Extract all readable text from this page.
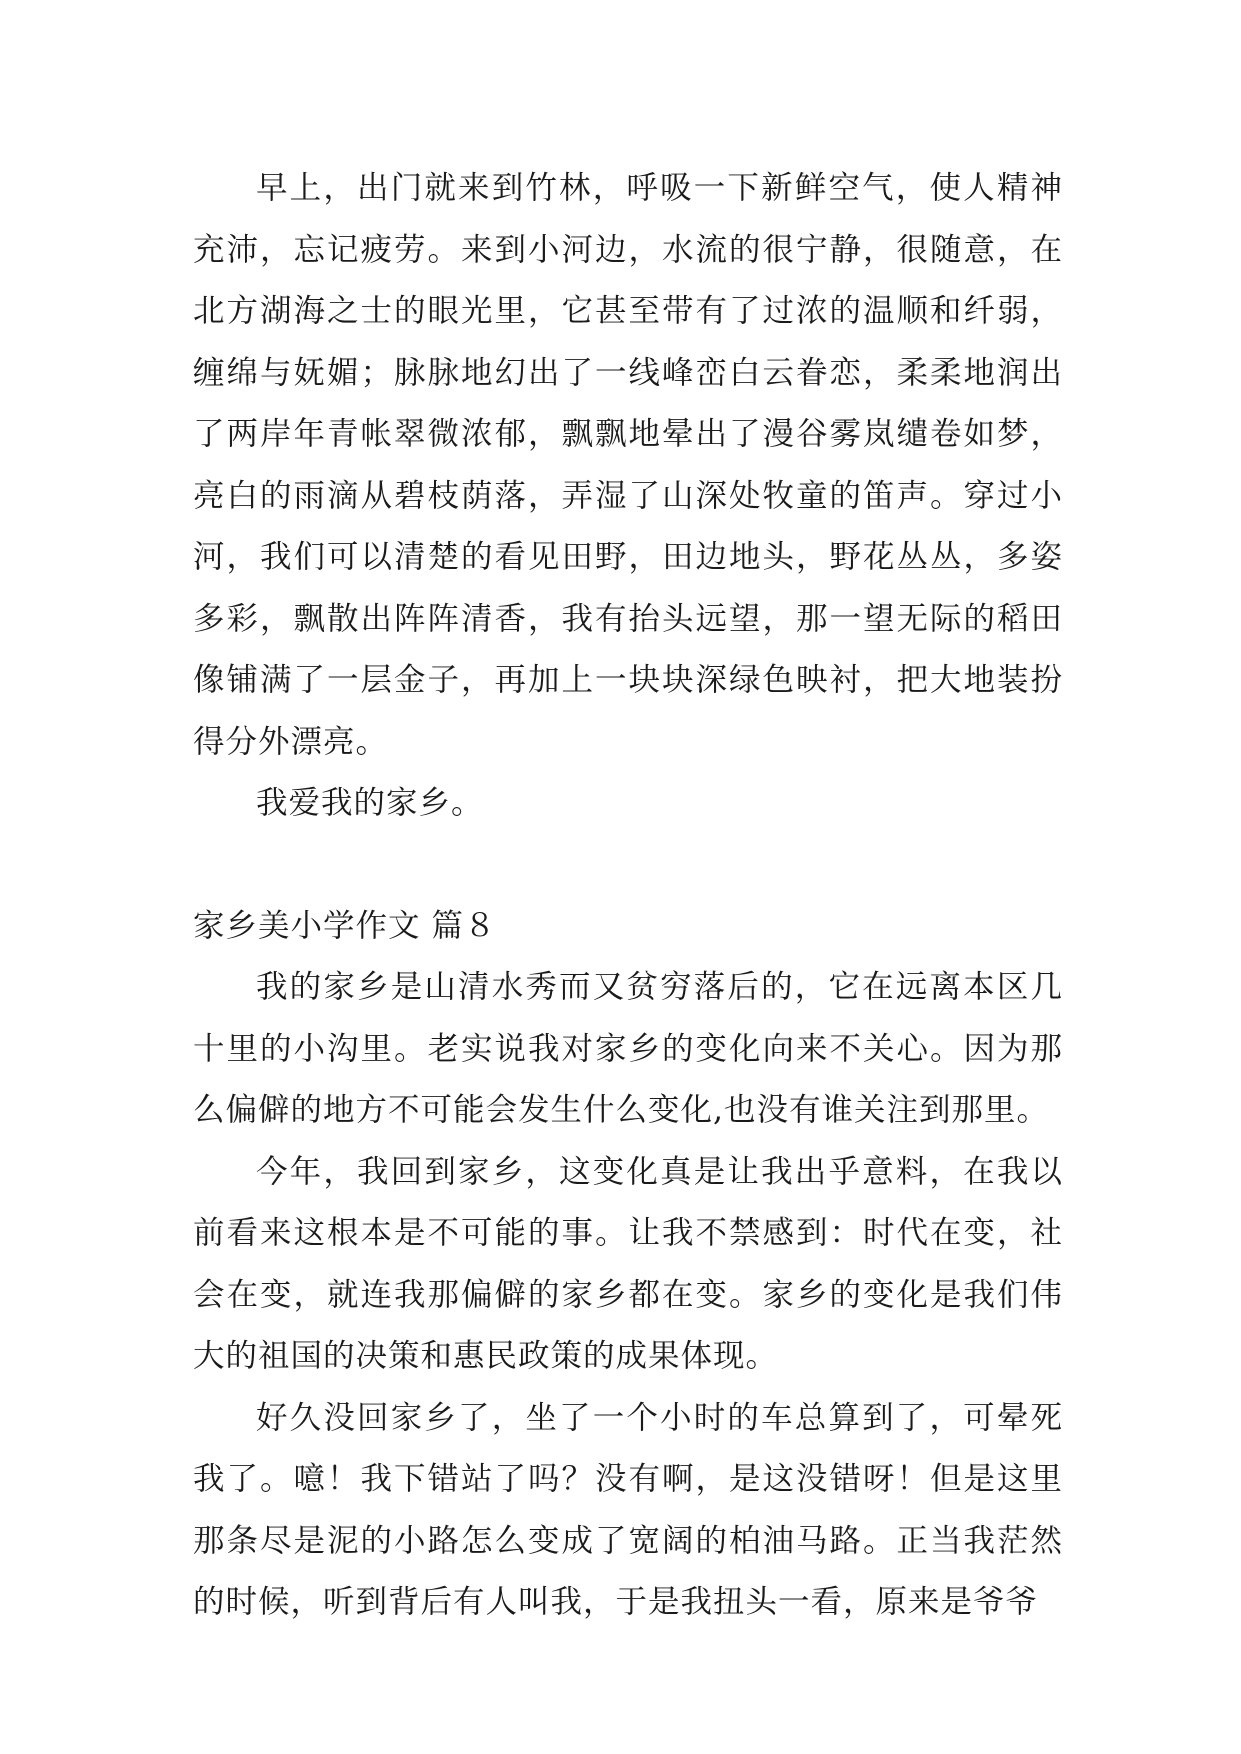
早上，出门就来到竹林，呼吸一下新鲜空气，使人精神充沛，忘记疲劳。来到小河边，水流的很宁静，很随意，在北方湖海之士的眼光里，它甚至带有了过浓的温顺和纤弱，缠绵与妩媚；脉脉地幻出了一线峰峦白云眷恋，柔柔地润出了两岸年青帐翠微浓郁，飘飘地晕出了漫谷雾岚缱卷如梦，亮白的雨滴从碧枝荫落，弄湿了山深处牧童的笛声。穿过小河，我们可以清楚的看见田野，田边地头，野花丛丛，多姿多彩，飘散出阵阵清香，我有抬头远望，那一望无际的稻田像铺满了一层金子，再加上一块块深绿色映衬，把大地装扮得分外漂亮。

我爱我的家乡。

家乡美小学作文 篇８

我的家乡是山清水秀而又贫穷落后的，它在远离本区几十里的小沟里。老实说我对家乡的变化向来不关心。因为那么偏僻的地方不可能会发生什么变化,也没有谁关注到那里。

今年，我回到家乡，这变化真是让我出乎意料，在我以前看来这根本是不可能的事。让我不禁感到：时代在变，社会在变，就连我那偏僻的家乡都在变。家乡的变化是我们伟大的祖国的决策和惠民政策的成果体现。

好久没回家乡了，坐了一个小时的车总算到了，可晕死我了。噫！我下错站了吗？没有啊，是这没错呀！但是这里那条尽是泥的小路怎么变成了宽阔的柏油马路。正当我茫然的时候，听到背后有人叫我，于是我扭头一看，原来是爷爷
